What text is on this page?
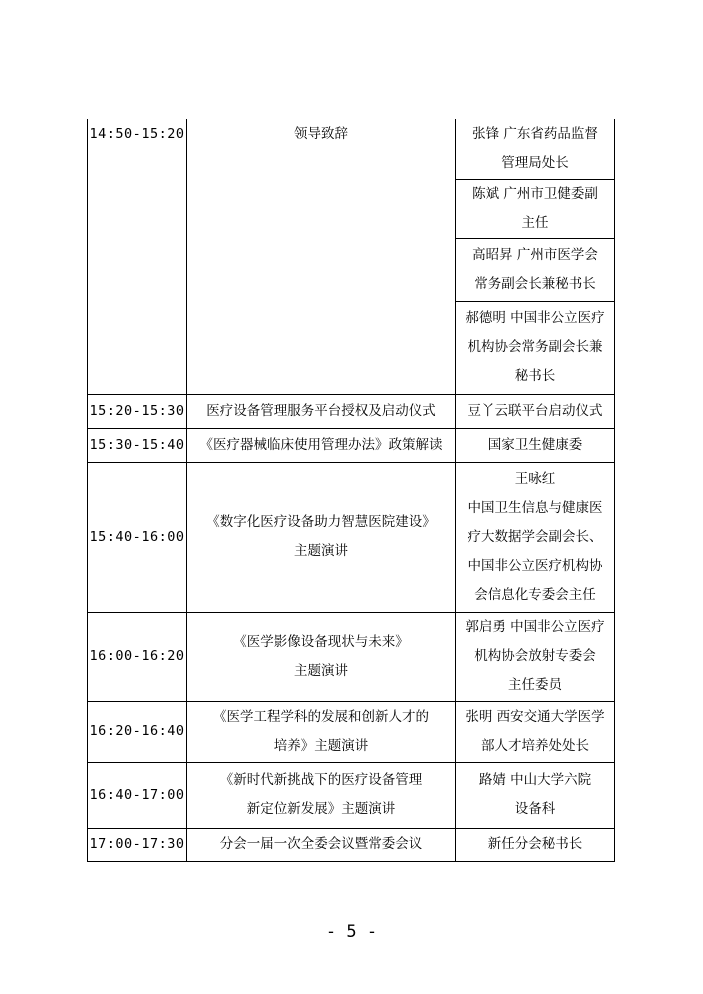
14:50-15:20	领导致辞	张锋 广东省药品监督
管理局处长

		陈斌 广州市卫健委副
主任

		高昭昇 广州市医学会
常务副会长兼秘书长

		郝德明 中国非公立医疗
机构协会常务副会长兼
秘书长

15:20-15:30	医疗设备管理服务平台授权及启动仪式	豆丫云联平台启动仪式

15:30-15:40	《医疗器械临床使用管理办法》政策解读	国家卫生健康委

15:40-16:00	《数字化医疗设备助力智慧医院建设》
主题演讲	王咏红
中国卫生信息与健康医
疗大数据学会副会长、
中国非公立医疗机构协
会信息化专委会主任

16:00-16:20	《医学影像设备现状与未来》
主题演讲	郭启勇 中国非公立医疗
机构协会放射专委会
主任委员

16:20-16:40	《医学工程学科的发展和创新人才的
培养》主题演讲	张明 西安交通大学医学
部人才培养处处长

16:40-17:00	《新时代新挑战下的医疗设备管理
新定位新发展》主题演讲	路婧 中山大学六院
设备科

17:00-17:30	分会一届一次全委会议暨常委会议	新任分会秘书长
- 5 -
